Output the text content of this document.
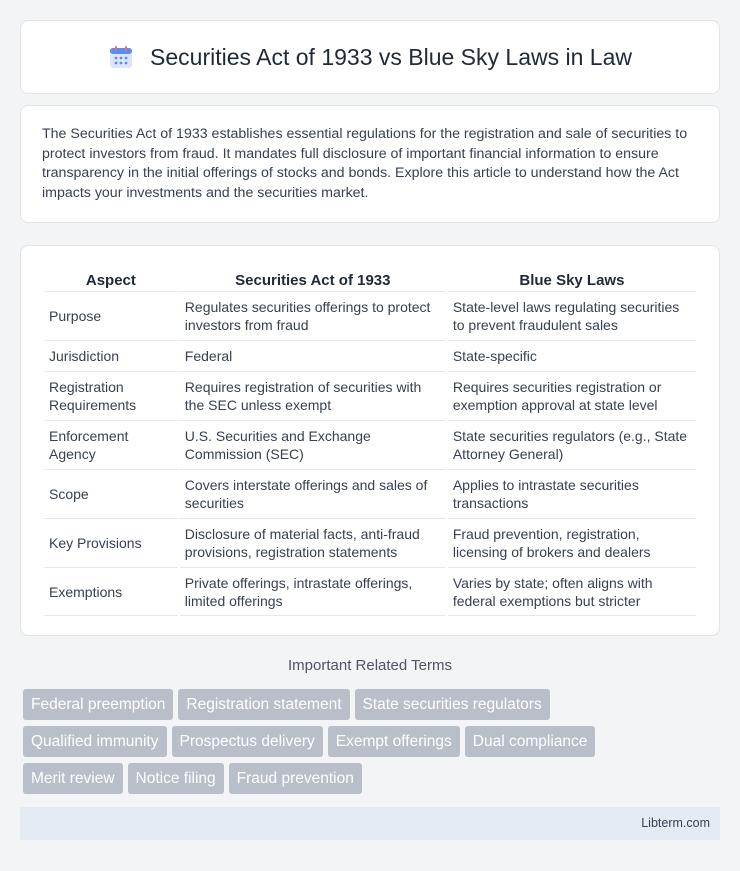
Securities Act of 1933 vs Blue Sky Laws in Law

The Securities Act of 1933 establishes essential regulations for the registration and sale of securities to protect investors from fraud. It mandates full disclosure of important financial information to ensure transparency in the initial offerings of stocks and bonds. Explore this article to understand how the Act impacts your investments and the securities market.

Aspect	Securities Act of 1933	Blue Sky Laws
Purpose	Regulates securities offerings to protect investors from fraud	State-level laws regulating securities to prevent fraudulent sales
Jurisdiction	Federal	State-specific
Registration Requirements	Requires registration of securities with the SEC unless exempt	Requires securities registration or exemption approval at state level
Enforcement Agency	U.S. Securities and Exchange Commission (SEC)	State securities regulators (e.g., State Attorney General)
Scope	Covers interstate offerings and sales of securities	Applies to intrastate securities transactions
Key Provisions	Disclosure of material facts, anti-fraud provisions, registration statements	Fraud prevention, registration, licensing of brokers and dealers
Exemptions	Private offerings, intrastate offerings, limited offerings	Varies by state; often aligns with federal exemptions but stricter
Important Related Terms
Federal preemption	Registration statement	State securities regulators
Qualified immunity	Prospectus delivery	Exempt offerings	Dual compliance
Merit review	Notice filing	Fraud prevention
Libterm.com
